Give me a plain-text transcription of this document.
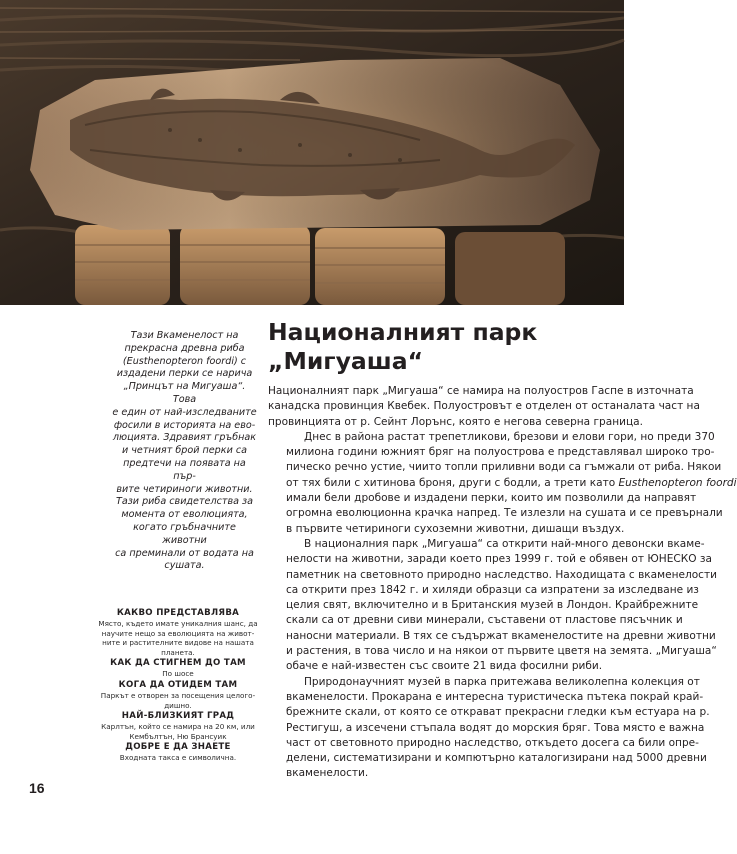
Тази Вкаменелост на
прекрасна древна риба
(Eusthenopteron foordi) с
издадени перки се нарича
„Принцът на Мигуаша“. Това
е един от най-изследваните
фосили в историята на ево-
люцията. Здравият гръбнак
и четният брой перки са
предтечи на появата на пър-
вите четириноги животни.
Тази риба свидетелства за
момента от еволюцията,
когато гръбначните животни
са преминали от водата на
сушата.
КАКВО ПРЕДСТАВЛЯВА
Място, където имате уникалния шанс, да
научите нещо за еволюцията на живот-
ните и растителните видове на нашата
планета.
КАК ДА СТИГНЕМ ДО ТАМ
По шосе
КОГА ДА ОТИДЕМ ТАМ
Паркът е отворен за посещения целого-
дишно.
НАЙ-БЛИЗКИЯТ ГРАД
Карлтън, който се намира на 20 км, или
Кембълтън, Ню Брансуик
ДОБРЕ Е ДА ЗНАЕТЕ
Входната такса е символична.
Националният парк
„Мигуаша“

Националният парк „Мигуаша“ се намира на полуостров Гаспе в източната
канадска провинция Квебек. Полуостровът е отделен от останалата част на
провинцията от р. Сейнт Лорънс, която е негова северна граница.

Днес в района растат трепетликови, брезови и елови гори, но преди 370
милиона години южният бряг на полуострова е представлявал широко тро-
пическо речно устие, чиито топли приливни води са гъмжали от риба. Някои
от тях били с хитинова броня, други с бодли, а трети като Eusthenopteron foordi
имали бели дробове и издадени перки, които им позволили да направят
огромна еволюционна крачка напред. Те излезли на сушата и се превърнали
в първите четириноги сухоземни животни, дишащи въздух.

В националния парк „Мигуаша“ са открити най-много девонски вкаме-
нелости на животни, заради което през 1999 г. той е обявен от ЮНЕСКО за
паметник на световното природно наследство. Находищата с вкаменелости
са открити през 1842 г. и хиляди образци са изпратени за изследване из
целия свят, включително и в Британския музей в Лондон. Крайбрежните
скали са от древни сиви минерали, съставени от пластове пясъчник и
наносни материали. В тях се съдържат вкаменелостите на древни животни
и растения, в това число и на някои от първите цветя на земята. „Мигуаша“
обаче е най-известен със своите 21 вида фосилни риби.

Природонаучният музей в парка притежава великолепна колекция от
вкаменелости. Прокарана е интересна туристическа пътека покрай край-
брежните скали, от която се открават прекрасни гледки към естуара на р.
Рестигуш, а изсечени стъпала водят до морския бряг. Това място е важна
част от световното природно наследство, откъдето досега са били опре-
делени, систематизирани и компютърно каталогизирани над 5000 древни
вкаменелости.

16
